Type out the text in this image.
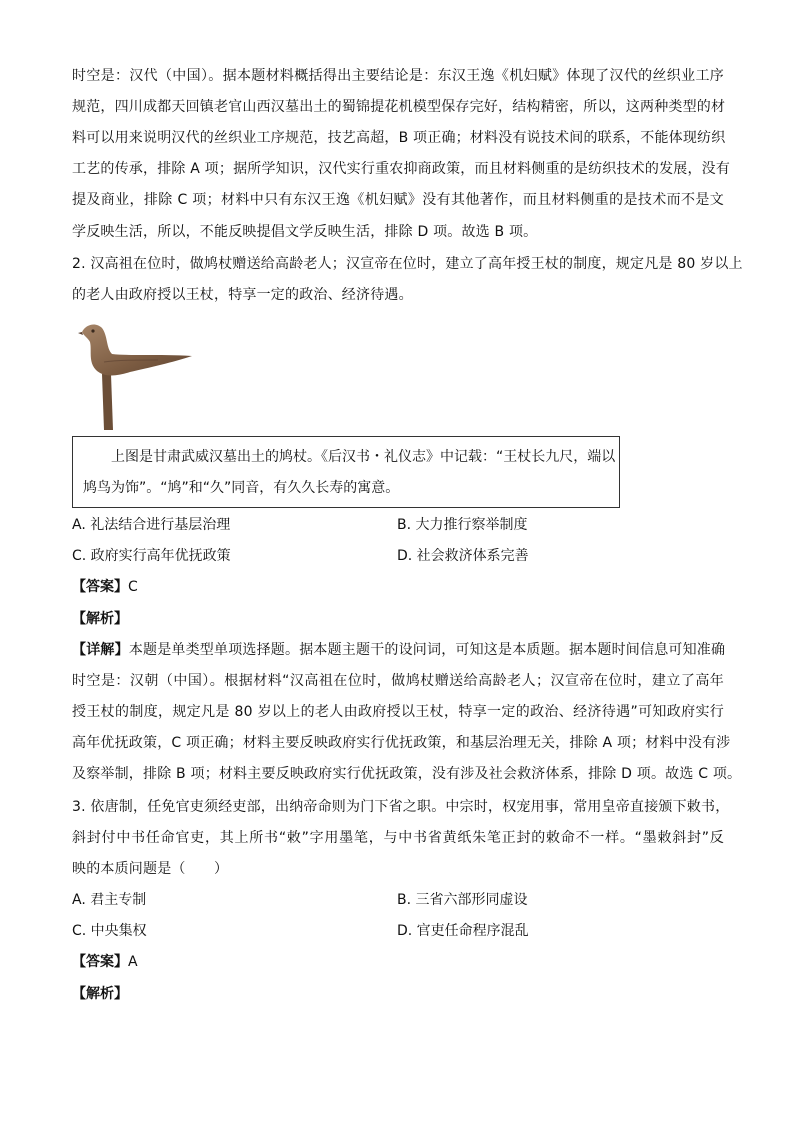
时空是：汉代（中国）。据本题材料概括得出主要结论是：东汉王逸《机妇赋》体现了汉代的丝织业工序
规范，四川成都天回镇老官山西汉墓出土的蜀锦提花机模型保存完好，结构精密，所以，这两种类型的材
料可以用来说明汉代的丝织业工序规范，技艺高超，B 项正确；材料没有说技术间的联系，不能体现纺织
工艺的传承，排除 A 项；据所学知识，汉代实行重农抑商政策，而且材料侧重的是纺织技术的发展，没有
提及商业，排除 C 项；材料中只有东汉王逸《机妇赋》没有其他著作，而且材料侧重的是技术而不是文
学反映生活，所以，不能反映提倡文学反映生活，排除 D 项。故选 B 项。
2. 汉高祖在位时，做鸠杖赠送给高龄老人；汉宣帝在位时，建立了高年授王杖的制度，规定凡是 80 岁以上
的老人由政府授以王杖，特享一定的政治、经济待遇。
上图是甘肃武威汉墓出土的鸠杖。《后汉书・礼仪志》中记载：“王杖长九尺，端以
鸠鸟为饰”。“鸠”和“久”同音，有久久长寿的寓意。
A. 礼法结合进行基层治理	B. 大力推行察举制度
C. 政府实行高年优抚政策	D. 社会救济体系完善
【答案】C
【解析】
【详解】本题是单类型单项选择题。据本题主题干的设问词，可知这是本质题。据本题时间信息可知准确
时空是：汉朝（中国）。根据材料“汉高祖在位时，做鸠杖赠送给高龄老人；汉宣帝在位时，建立了高年
授王杖的制度，规定凡是 80 岁以上的老人由政府授以王杖，特享一定的政治、经济待遇”可知政府实行
高年优抚政策，C 项正确；材料主要反映政府实行优抚政策，和基层治理无关，排除 A 项；材料中没有涉
及察举制，排除 B 项；材料主要反映政府实行优抚政策，没有涉及社会救济体系，排除 D 项。故选 C 项。
3. 依唐制，任免官吏须经吏部，出纳帝命则为门下省之职。中宗时，权宠用事，常用皇帝直接颁下敕书，
斜封付中书任命官吏，其上所书“敕”字用墨笔，与中书省黄纸朱笔正封的敕命不一样。“墨敕斜封”反
映的本质问题是（　　）
A. 君主专制	B. 三省六部形同虚设
C. 中央集权	D. 官吏任命程序混乱
【答案】A
【解析】
